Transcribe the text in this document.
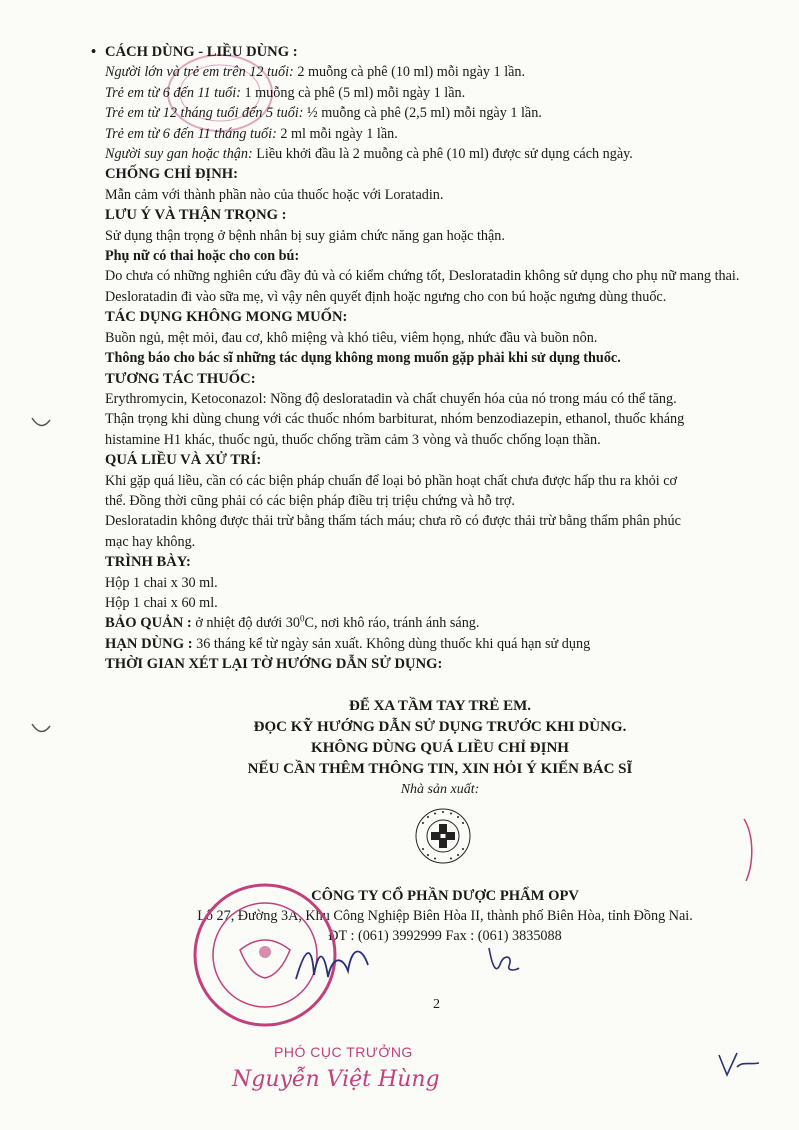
• CÁCH DÙNG - LIỀU DÙNG :
Người lớn và trẻ em trên 12 tuổi: 2 muỗng cà phê (10 ml) mỗi ngày 1 lần.
Trẻ em từ 6 đến 11 tuổi: 1 muỗng cà phê (5 ml) mỗi ngày 1 lần.
Trẻ em từ 12 tháng tuổi đến 5 tuổi: ½ muỗng cà phê (2,5 ml) mỗi ngày 1 lần.
Trẻ em từ 6 đến 11 tháng tuổi: 2 ml mỗi ngày 1 lần.
Người suy gan hoặc thận: Liều khởi đầu là 2 muỗng cà phê (10 ml) được sử dụng cách ngày.
CHỐNG CHỈ ĐỊNH:
Mẫn cảm với thành phần nào của thuốc hoặc với Loratadin.
LƯU Ý VÀ THẬN TRỌNG :
Sử dụng thận trọng ở bệnh nhân bị suy giảm chức năng gan hoặc thận.
Phụ nữ có thai hoặc cho con bú:
Do chưa có những nghiên cứu đầy đủ và có kiểm chứng tốt, Desloratadin không sử dụng cho phụ nữ mang thai.
Desloratadin đi vào sữa mẹ, vì vậy nên quyết định hoặc ngưng cho con bú hoặc ngưng dùng thuốc.
TÁC DỤNG KHÔNG MONG MUỐN:
Buồn ngủ, mệt mỏi, đau cơ, khô miệng và khó tiêu, viêm họng, nhức đầu và buồn nôn.
Thông báo cho bác sĩ những tác dụng không mong muốn gặp phải khi sử dụng thuốc.
TƯƠNG TÁC THUỐC:
Erythromycin, Ketoconazol: Nồng độ desloratadin và chất chuyển hóa của nó trong máu có thể tăng.
Thận trọng khi dùng chung với các thuốc nhóm barbiturat, nhóm benzodiazepin, ethanol, thuốc kháng
histamine H1 khác, thuốc ngủ, thuốc chống trầm cảm 3 vòng và thuốc chống loạn thần.
QUÁ LIỀU VÀ XỬ TRÍ:
Khi gặp quá liều, cần có các biện pháp chuẩn để loại bỏ phần hoạt chất chưa được hấp thu ra khỏi cơ
thể. Đồng thời cũng phải có các biện pháp điều trị triệu chứng và hỗ trợ.
Desloratadin không được thải trừ bằng thẩm tách máu; chưa rõ có được thải trừ bằng thẩm phân phúc
mạc hay không.
TRÌNH BÀY:
Hộp 1 chai x 30 ml.
Hộp 1 chai x 60 ml.
BẢO QUẢN : ở nhiệt độ dưới $30^0C$, nơi khô ráo, tránh ánh sáng.
HẠN DÙNG : 36 tháng kể từ ngày sản xuất. Không dùng thuốc khi quá hạn sử dụng
THỜI GIAN XÉT LẠI TỜ HƯỚNG DẪN SỬ DỤNG:
ĐỂ XA TẦM TAY TRẺ EM.
ĐỌC KỸ HƯỚNG DẪN SỬ DỤNG TRƯỚC KHI DÙNG.
KHÔNG DÙNG QUÁ LIỀU CHỈ ĐỊNH
NẾU CẦN THÊM THÔNG TIN, XIN HỎI Ý KIẾN BÁC SĨ
Nhà sản xuất:
CÔNG TY CỔ PHẦN DƯỢC PHẨM OPV
Lô 27, Đường 3A, Khu Công Nghiệp Biên Hòa II, thành phố Biên Hòa, tỉnh Đồng Nai.
ĐT : (061) 3992999 Fax : (061) 3835088
2
PHÓ CỤC TRƯỞNG
Nguyễn Việt Hùng
